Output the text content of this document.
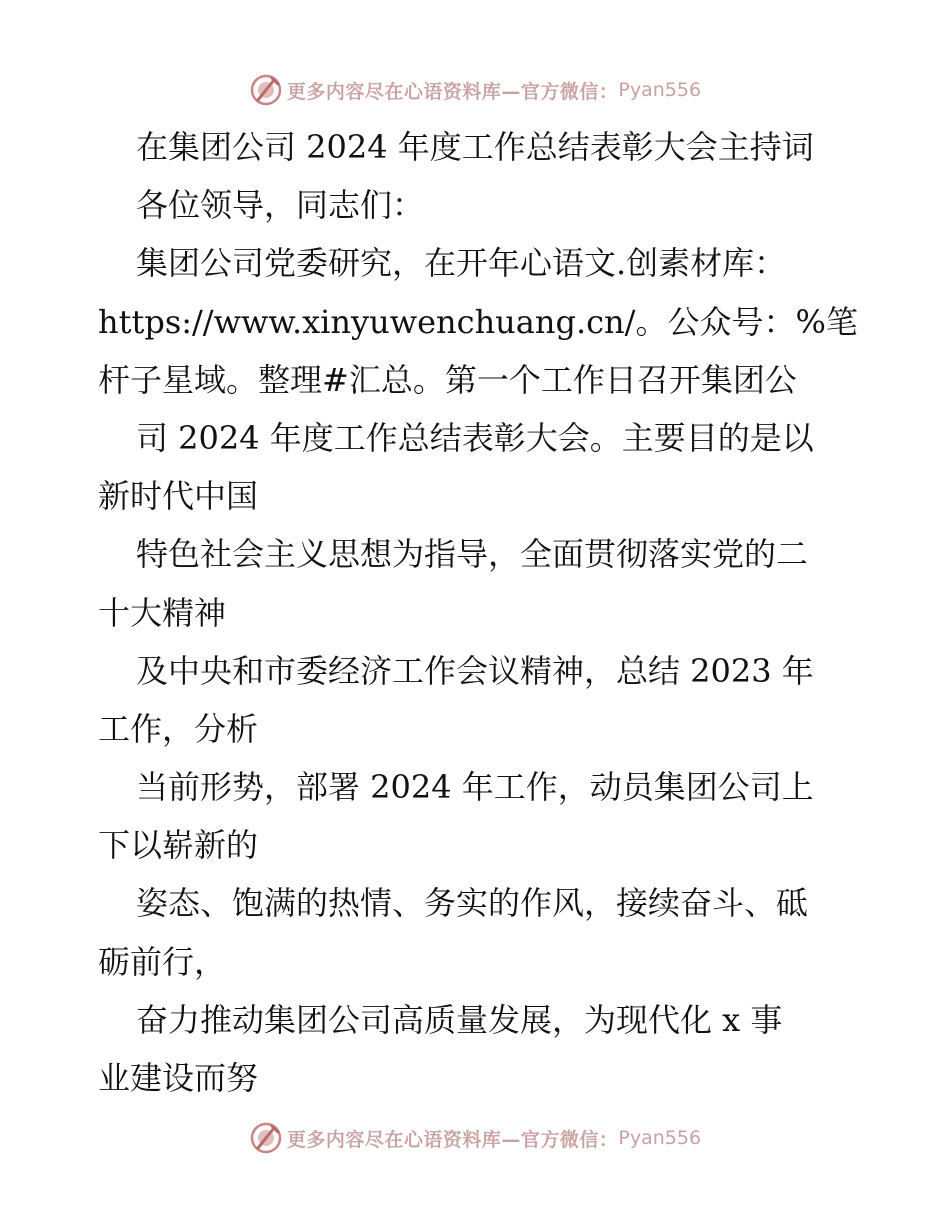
更多内容尽在心语资料库—官方微信： Pyan556
在集团公司 2024 年度工作总结表彰大会主持词
各位领导，同志们：
集团公司党委研究，在开年心语文.创素材库：
https://www.xinyuwenchuang.cn/。公众号：%笔
杆子星域。整理#汇总。第一个工作日召开集团公
司 2024 年度工作总结表彰大会。主要目的是以
新时代中国
特色社会主义思想为指导，全面贯彻落实党的二
十大精神
及中央和市委经济工作会议精神，总结 2023 年
工作，分析
当前形势，部署 2024 年工作，动员集团公司上
下以崭新的
姿态、饱满的热情、务实的作风，接续奋斗、砥
砺前行，
奋力推动集团公司高质量发展，为现代化 x 事
业建设而努
更多内容尽在心语资料库—官方微信： Pyan556
